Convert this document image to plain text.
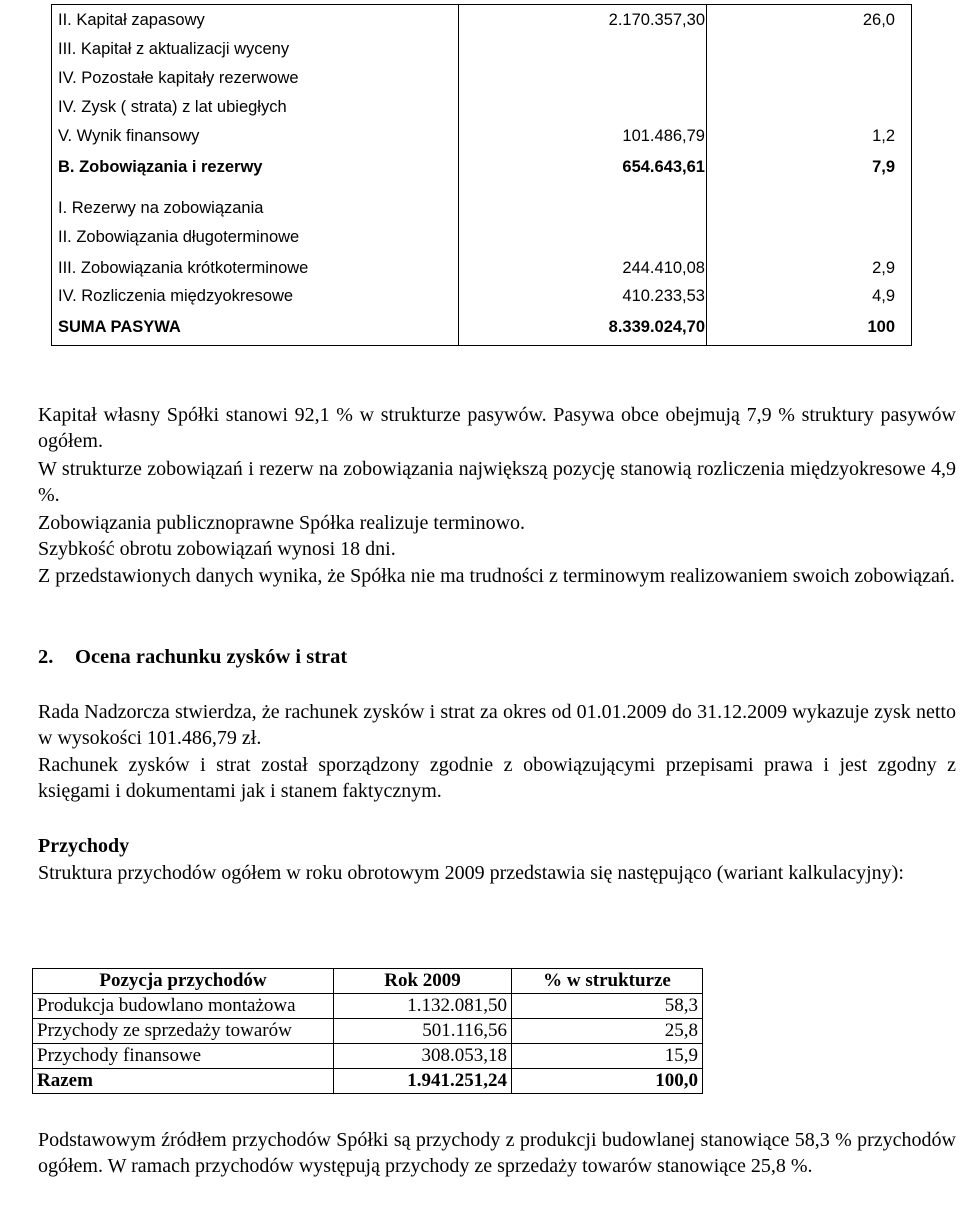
II. Kapitał zapasowy	2.170.357,30	26,0
III. Kapitał z aktualizacji wyceny
IV. Pozostałe kapitały rezerwowe
IV. Zysk ( strata) z lat ubiegłych
V. Wynik finansowy	101.486,79	1,2
B. Zobowiązania i rezerwy	654.643,61	7,9
I. Rezerwy na zobowiązania
II. Zobowiązania długoterminowe
III. Zobowiązania krótkoterminowe	244.410,08	2,9
IV. Rozliczenia międzyokresowe	410.233,53	4,9
SUMA PASYWA	8.339.024,70	100
Kapitał własny Spółki stanowi 92,1 % w strukturze pasywów. Pasywa obce obejmują 7,9 % struktury pasywów ogółem.
W strukturze zobowiązań i rezerw na zobowiązania największą pozycję stanowią rozliczenia międzyokresowe 4,9 %.
Zobowiązania publicznoprawne Spółka realizuje terminowo.
Szybkość obrotu zobowiązań wynosi 18 dni.
Z przedstawionych danych wynika, że Spółka nie ma trudności z terminowym realizowaniem swoich zobowiązań.
2. Ocena rachunku zysków i strat
Rada Nadzorcza stwierdza, że rachunek zysków i strat za okres od 01.01.2009 do 31.12.2009 wykazuje zysk netto w wysokości 101.486,79 zł.
Rachunek zysków i strat został sporządzony zgodnie z obowiązującymi przepisami prawa i jest zgodny z księgami i dokumentami jak i stanem faktycznym.
Przychody
Struktura przychodów ogółem w roku obrotowym 2009 przedstawia się następująco (wariant kalkulacyjny):
Pozycja przychodów	Rok 2009	% w strukturze
Produkcja budowlano montażowa	1.132.081,50	58,3
Przychody ze sprzedaży towarów	501.116,56	25,8
Przychody finansowe	308.053,18	15,9
Razem	1.941.251,24	100,0
Podstawowym źródłem przychodów Spółki są przychody z produkcji budowlanej stanowiące 58,3 % przychodów ogółem. W ramach przychodów występują przychody ze sprzedaży towarów stanowiące 25,8 %.
